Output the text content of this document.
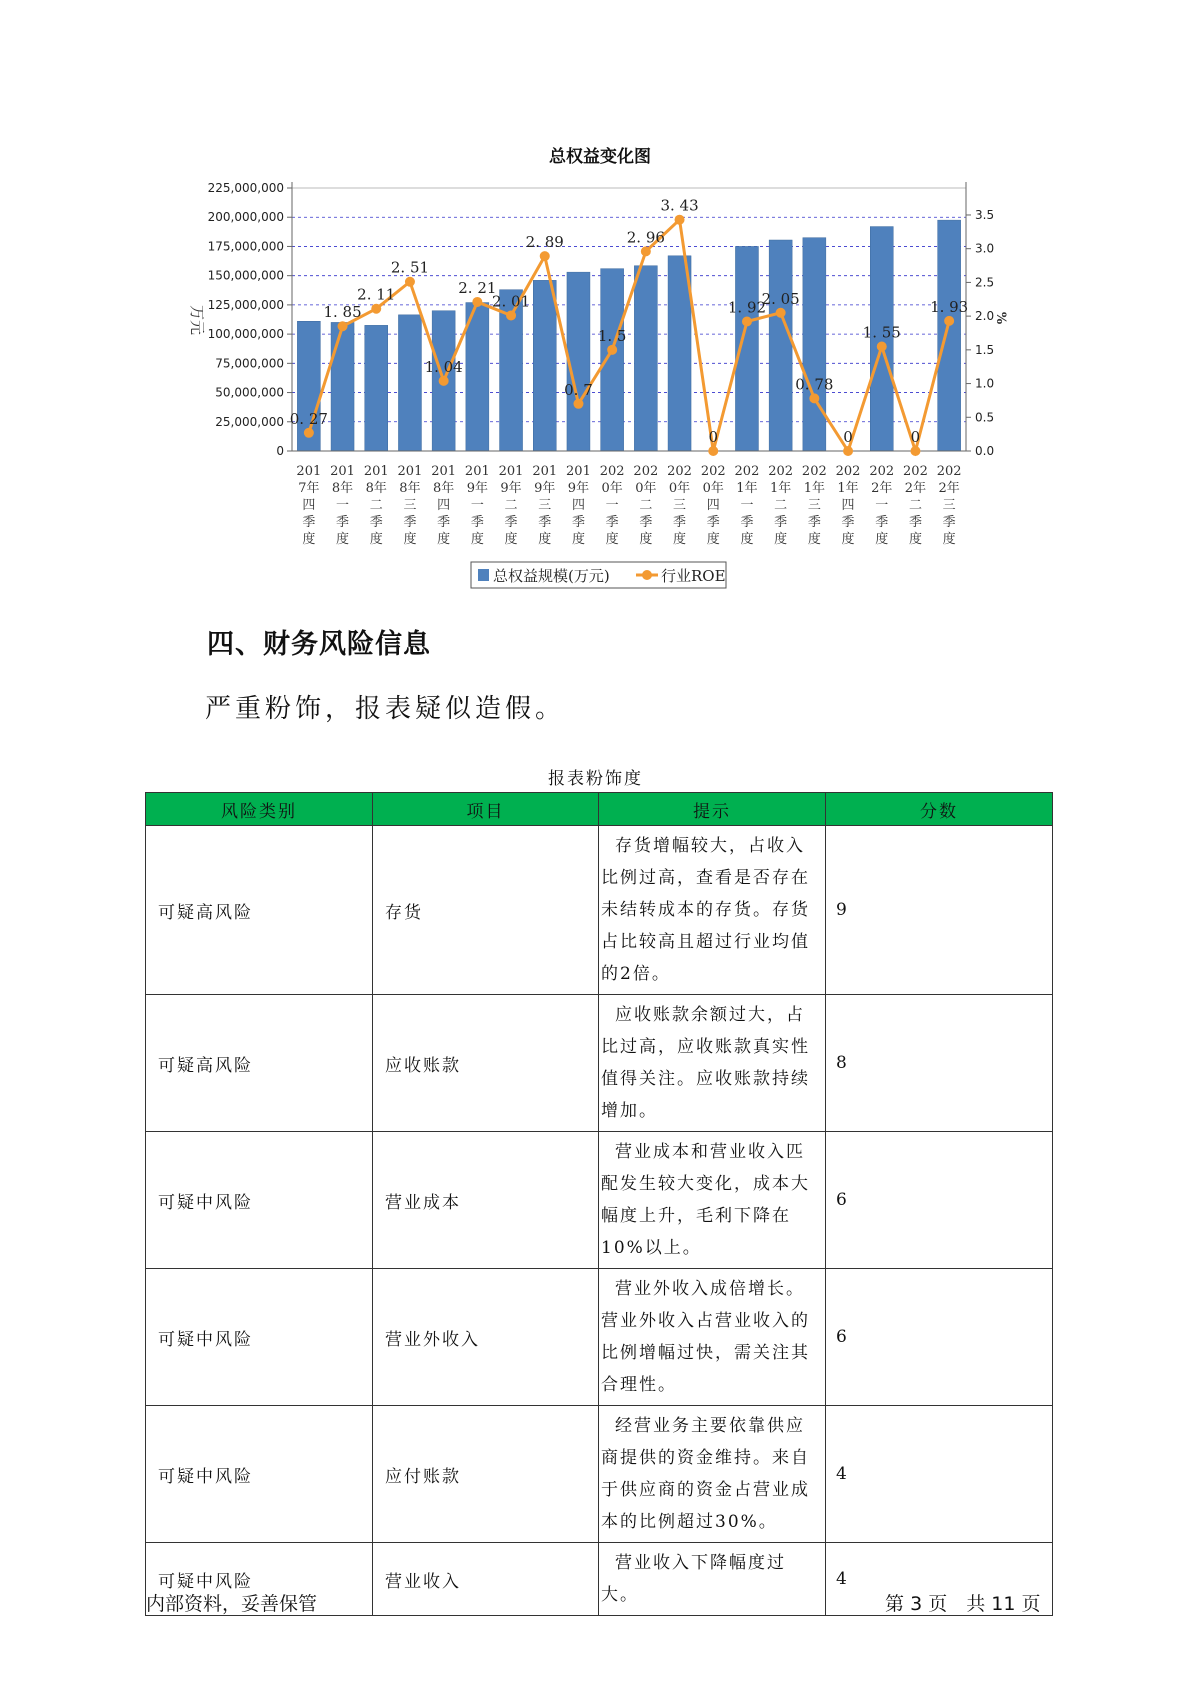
总权益变化图
225,000,000
200,000,000
175,000,000
150,000,000
125,000,000
100,000,000
75,000,000
50,000,000
25,000,000
0
3.5
3.0
2.5
2.0
1.5
1.0
0.5
0.0
0. 27
1. 85
2. 11
2. 51
1. 04
2. 21
2. 01
2. 89
0. 7
1. 5
2. 96
3. 43
0
1. 92
2. 05
0. 78
0
1. 55
0
1. 93
201
7年
四
季
度
201
8年
一
季
度
201
8年
二
季
度
201
8年
三
季
度
201
8年
四
季
度
201
9年
一
季
度
201
9年
二
季
度
201
9年
三
季
度
201
9年
四
季
度
202
0年
一
季
度
202
0年
二
季
度
202
0年
三
季
度
202
0年
四
季
度
202
1年
一
季
度
202
1年
二
季
度
202
1年
三
季
度
202
1年
四
季
度
202
2年
一
季
度
202
2年
二
季
度
202
2年
三
季
度
万元	%
总权益规模(万元)	行业ROE
四、财务风险信息
严重粉饰，报表疑似造假。
报表粉饰度
风险类别	项目	提示	分数
可疑高风险	存货	存货增幅较大，占收入比例过高，查看是否存在未结转成本的存货。存货占比较高且超过行业均值的2倍。	9
可疑高风险	应收账款	应收账款余额过大，占比过高，应收账款真实性值得关注。应收账款持续增加。	8
可疑中风险	营业成本	营业成本和营业收入匹配发生较大变化，成本大幅度上升，毛利下降在10%以上。	6
可疑中风险	营业外收入	营业外收入成倍增长。营业外收入占营业收入的比例增幅过快，需关注其合理性。	6
可疑中风险	应付账款	经营业务主要依靠供应商提供的资金维持。来自于供应商的资金占营业成本的比例超过30%。	4
可疑中风险	营业收入	营业收入下降幅度过大。	4
内部资料，妥善保管	第 3 页　共 11 页
